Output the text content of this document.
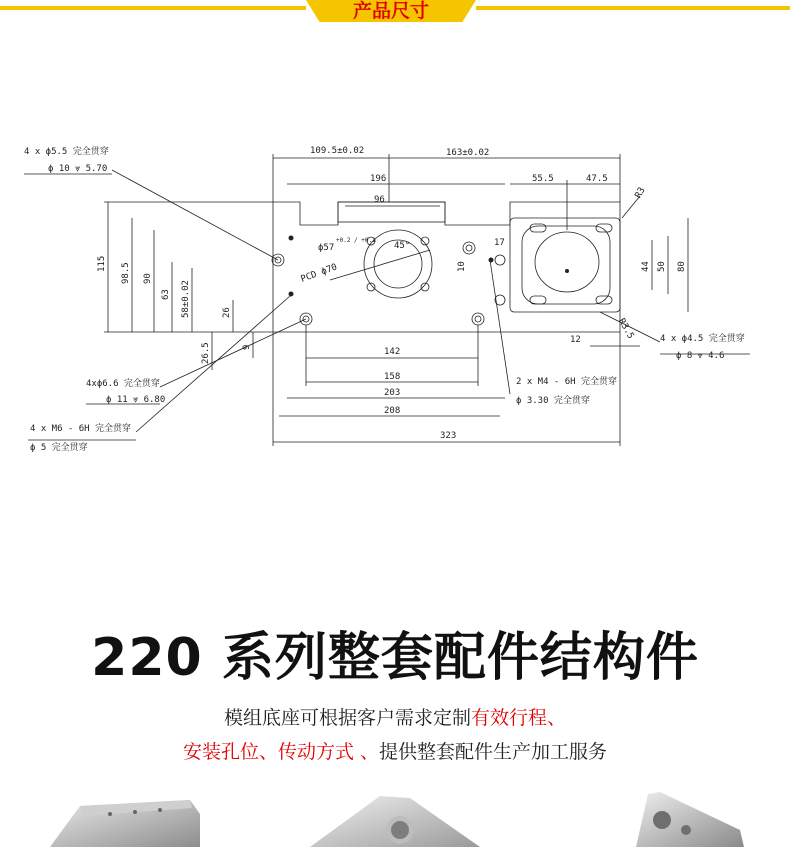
产品尺寸
4 x ϕ5.5 完全贯穿
ϕ 10 ⩔ 5.70
4xϕ6.6 完全贯穿
ϕ 11 ⩔ 6.80
4 x M6 - 6H 完全贯穿
ϕ 5 完全贯穿
2 x M4 - 6H 完全贯穿
ϕ 3.30 完全贯穿
4 x ϕ4.5 完全贯穿
ϕ 8 ⩔ 4.6
109.5±0.02	163±0.02
196
96
55.5	47.5
R3
ϕ57
+0.2 / +0.1
45°
PCD ϕ70
115 98.5 90
63 58±0.02	26
26.5	9
10
17
44 50 80
12	R3.5
142
158
203
208
323
220 系列整套配件结构件
模组底座可根据客户需求定制有效行程、
安装孔位、传动方式 、提供整套配件生产加工服务
